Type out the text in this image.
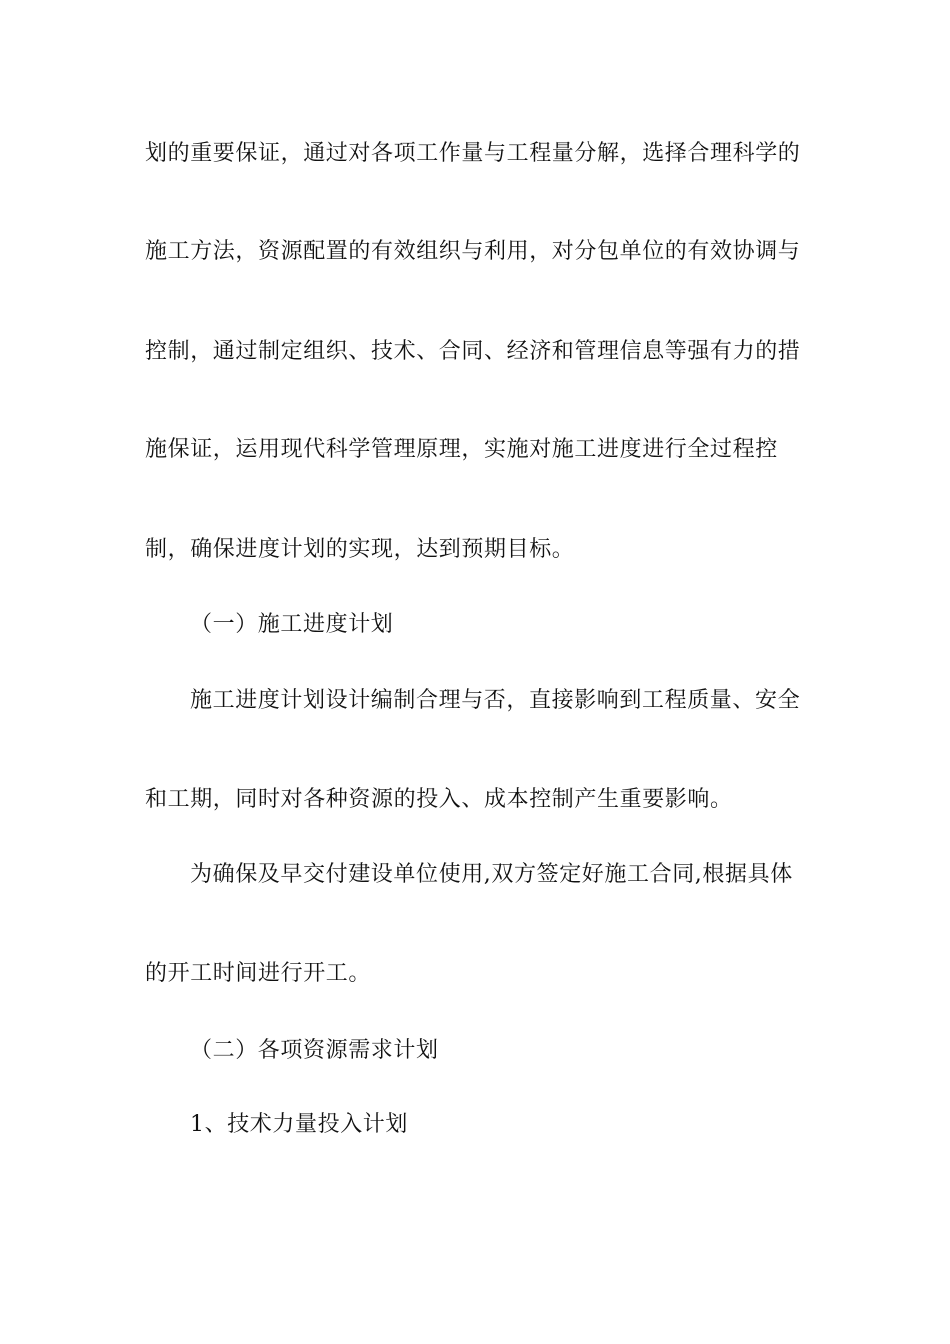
划的重要保证，通过对各项工作量与工程量分解，选择合理科学的
施工方法，资源配置的有效组织与利用，对分包单位的有效协调与
控制，通过制定组织、技术、合同、经济和管理信息等强有力的措
施保证，运用现代科学管理原理，实施对施工进度进行全过程控
制，确保进度计划的实现，达到预期目标。
（一）施工进度计划
施工进度计划设计编制合理与否，直接影响到工程质量、安全
和工期，同时对各种资源的投入、成本控制产生重要影响。
为确保及早交付建设单位使用,双方签定好施工合同,根据具体
的开工时间进行开工。
（二）各项资源需求计划
1、技术力量投入计划
